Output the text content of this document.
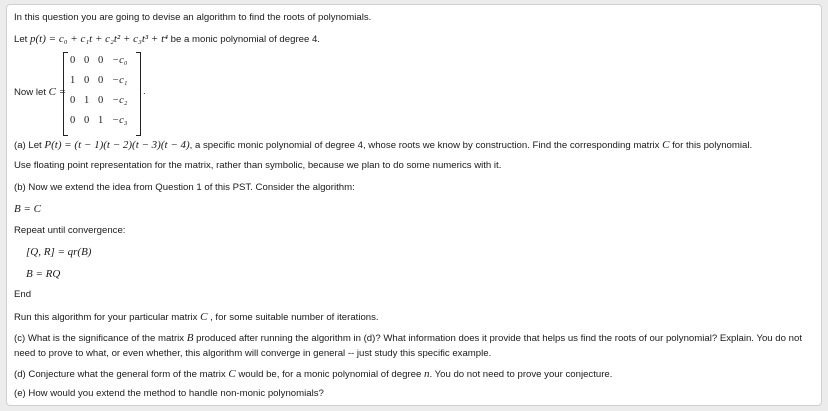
In this question you are going to devise an algorithm to find the roots of polynomials.
Let p(t) = c₀ + c₁t + c₂t² + c₃t³ + t⁴ be a monic polynomial of degree 4.
Now let C =
0 0 0 −c₀
1 0 0 −c₁
0 1 0 −c₂
0 0 1 −c₃
.
(a) Let P(t) = (t − 1)(t − 2)(t − 3)(t − 4), a specific monic polynomial of degree 4, whose roots we know by construction. Find the corresponding matrix C for this polynomial.
Use floating point representation for the matrix, rather than symbolic, because we plan to do some numerics with it.
(b) Now we extend the idea from Question 1 of this PST. Consider the algorithm:
B = C
Repeat until convergence:
[Q, R] = qr(B)
B = RQ
End
Run this algorithm for your particular matrix C , for some suitable number of iterations.
(c) What is the significance of the matrix B produced after running the algorithm in (d)? What information does it provide that helps us find the roots of our polynomial? Explain. You do not need to prove to what, or even whether, this algorithm will converge in general -- just study this specific example.
(d) Conjecture what the general form of the matrix C would be, for a monic polynomial of degree n. You do not need to prove your conjecture.
(e) How would you extend the method to handle non-monic polynomials?
